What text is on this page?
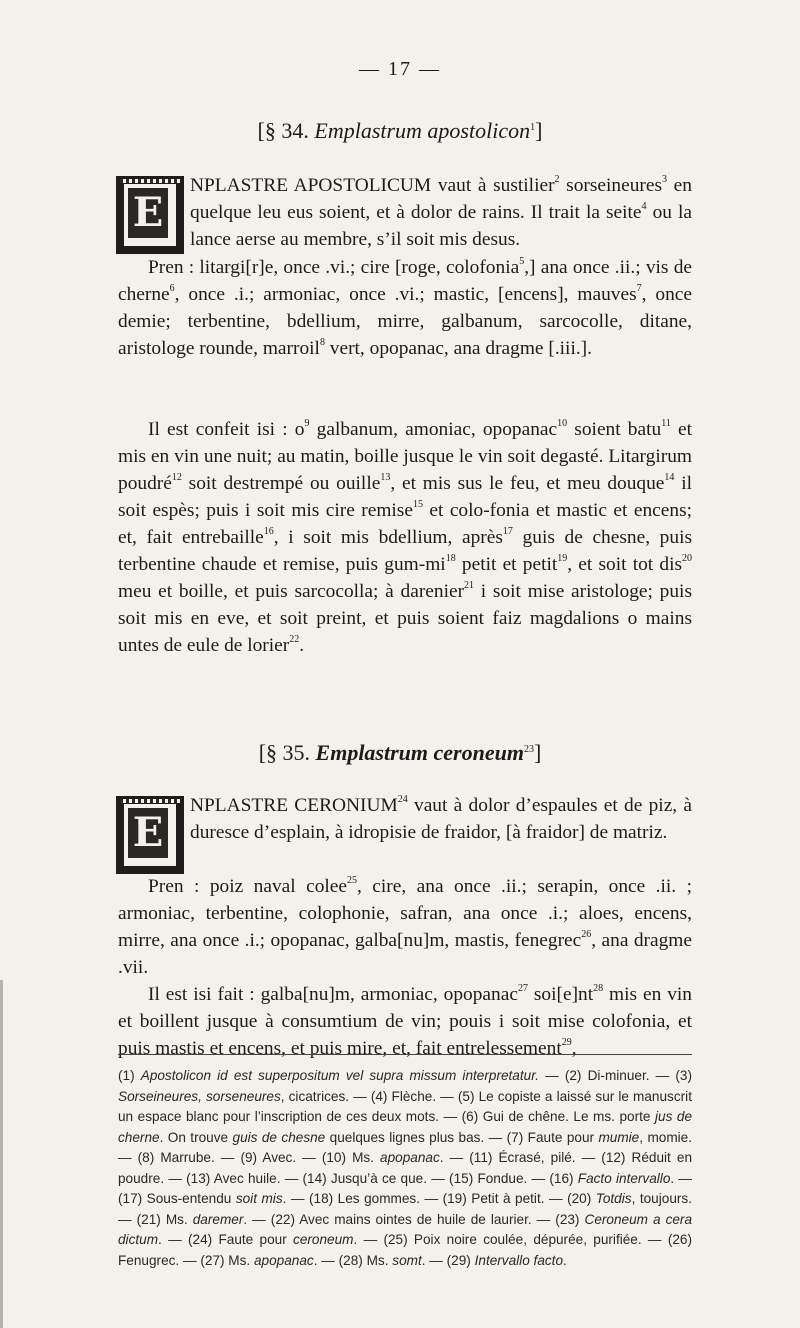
— 17 —
[§ 34. Emplastrum apostolicon$^1$]
E
NPLASTRE APOSTOLICUM vaut à sustilier$^2$ sorseineures$^3$ en quelque leu eus soient, et à dolor de rains. Il trait la seite$^4$ ou la lance aerse au membre, s’il soit mis desus.
Pren : litargi[r]e, once .vi.; cire [roge, colofonia$^5$,] ana once .ii.; vis de cherne$^6$, once .i.; armoniac, once .vi.; mastic, [encens], mauves$^7$, once demie; terbentine, bdellium, mirre, galbanum, sarcocolle, ditane, aristologe rounde, marroil$^8$ vert, opopanac, ana dragme [.iii.].
Il est confeit isi : $o^9$ galbanum, amoniac, opopanac$^{10}$ soient batu$^{11}$ et mis en vin une nuit; au matin, boille jusque le vin soit degasté. Litargirum poudré$^{12}$ soit destrempé ou ouille$^{13}$, et mis sus le feu, et meu douque$^{14}$ il soit espès; puis i soit mis cire remise$^{15}$ et colo-fonia et mastic et encens; et, fait entrebaille$^{16}$, i soit mis bdellium, après$^{17}$ guis de chesne, puis terbentine chaude et remise, puis gum-$mi^{18}$ petit et petit$^{19}$, et soit tot dis$^{20}$ meu et boille, et puis sarcocolla; à darenier$^{21}$ i soit mise aristologe; puis soit mis en eve, et soit preint, et puis soient faiz magdalions o mains untes de eule de lorier$^{22}$.
[§ 35. Emplastrum ceroneum$^{23}$]
E
NPLASTRE CERONIUM$^{24}$ vaut à dolor d’espaules et de piz, à duresce d’esplain, à idropisie de fraidor, [à fraidor] de matriz.
Pren : poiz naval colee$^{25}$, cire, ana once .ii.; serapin, once .ii. ; armoniac, terbentine, colophonie, safran, ana once .i.; aloes, encens, mirre, ana once .i.; opopanac, galba[nu]m, mastis, fenegrec$^{26}$, ana dragme .vii.
Il est isi fait : galba[nu]m, armoniac, opopanac$^{27}$ $soi[e]nt^{28}$ mis en vin et boillent jusque à consumtium de vin; pouis i soit mise colofonia, et puis mastis et encens, et puis mire, et, fait entrelessement$^{29}$,
(1) Apostolicon id est superpositum vel supra missum interpretatur. — (2) Di-minuer. — (3) Sorseineures, sorseneures, cicatrices. — (4) Flèche. — (5) Le copiste a laissé sur le manuscrit un espace blanc pour l’inscription de ces deux mots. — (6) Gui de chêne. Le ms. porte jus de cherne. On trouve guis de chesne quelques lignes plus bas. — (7) Faute pour mumie, momie. — (8) Marrube. — (9) Avec. — (10) Ms. apopanac. — (11) Écrasé, pilé. — (12) Réduit en poudre. — (13) Avec huile. — (14) Jusqu’à ce que. — (15) Fondue. — (16) Facto intervallo. — (17) Sous-entendu soit mis. — (18) Les gommes. — (19) Petit à petit. — (20) Totdis, toujours. — (21) Ms. daremer. — (22) Avec mains ointes de huile de laurier. — (23) Ceroneum a cera dictum. — (24) Faute pour ceroneum. — (25) Poix noire coulée, dépurée, purifiée. — (26) Fenugrec. — (27) Ms. apopanac. — (28) Ms. somt. — (29) Intervallo facto.
